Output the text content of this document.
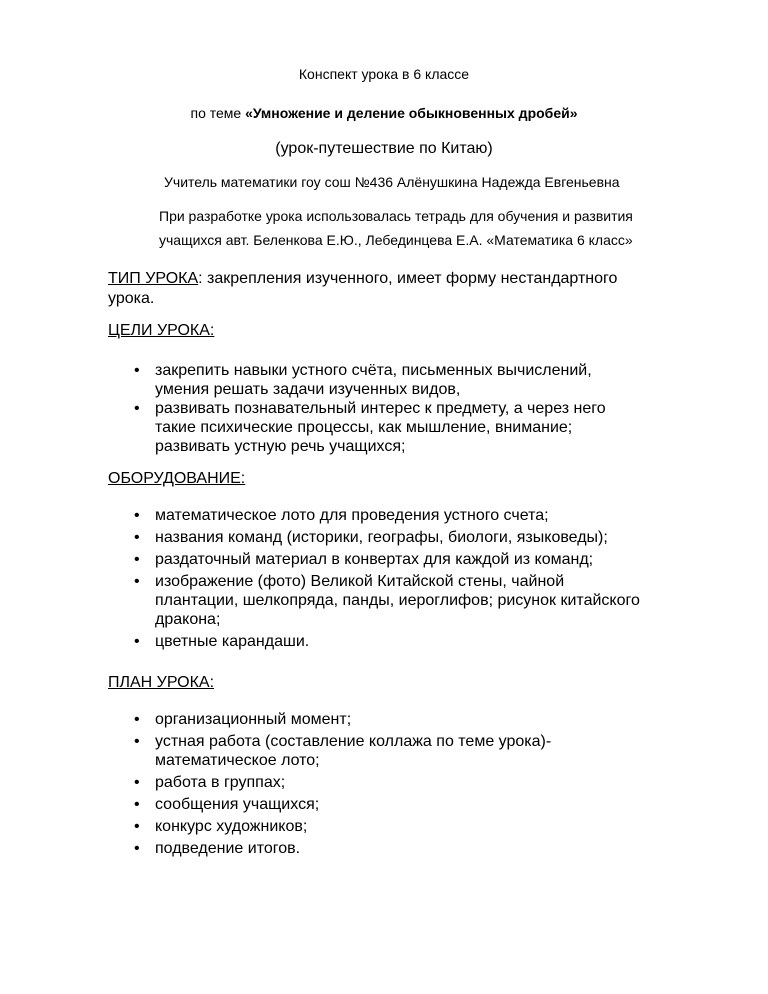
Конспект урока в 6 классе
по теме «Умножение и деление обыкновенных дробей»
(урок-путешествие по Китаю)
Учитель математики гоу сош №436 Алёнушкина Надежда Евгеньевна
При разработке урока использовалась тетрадь для обучения и развития
учащихся авт. Беленкова Е.Ю., Лебединцева Е.А. «Математика 6 класс»
ТИП УРОКА: закрепления изученного, имеет форму нестандартного
урока.
ЦЕЛИ УРОКА:
• закрепить навыки устного счёта, письменных вычислений,
умения решать задачи изученных видов,
• развивать познавательный интерес к предмету, а через него
такие психические процессы, как мышление, внимание;
развивать устную речь учащихся;
ОБОРУДОВАНИЕ:
• математическое лото для проведения устного счета;
• названия команд (историки, географы, биологи, языковеды);
• раздаточный материал в конвертах для каждой из команд;
• изображение (фото) Великой Китайской стены, чайной
плантации, шелкопряда, панды, иероглифов; рисунок китайского
дракона;
• цветные карандаши.
ПЛАН УРОКА:
• организационный момент;
• устная работа (составление коллажа по теме урока)-
математическое лото;
• работа в группах;
• сообщения учащихся;
• конкурс художников;
• подведение итогов.
